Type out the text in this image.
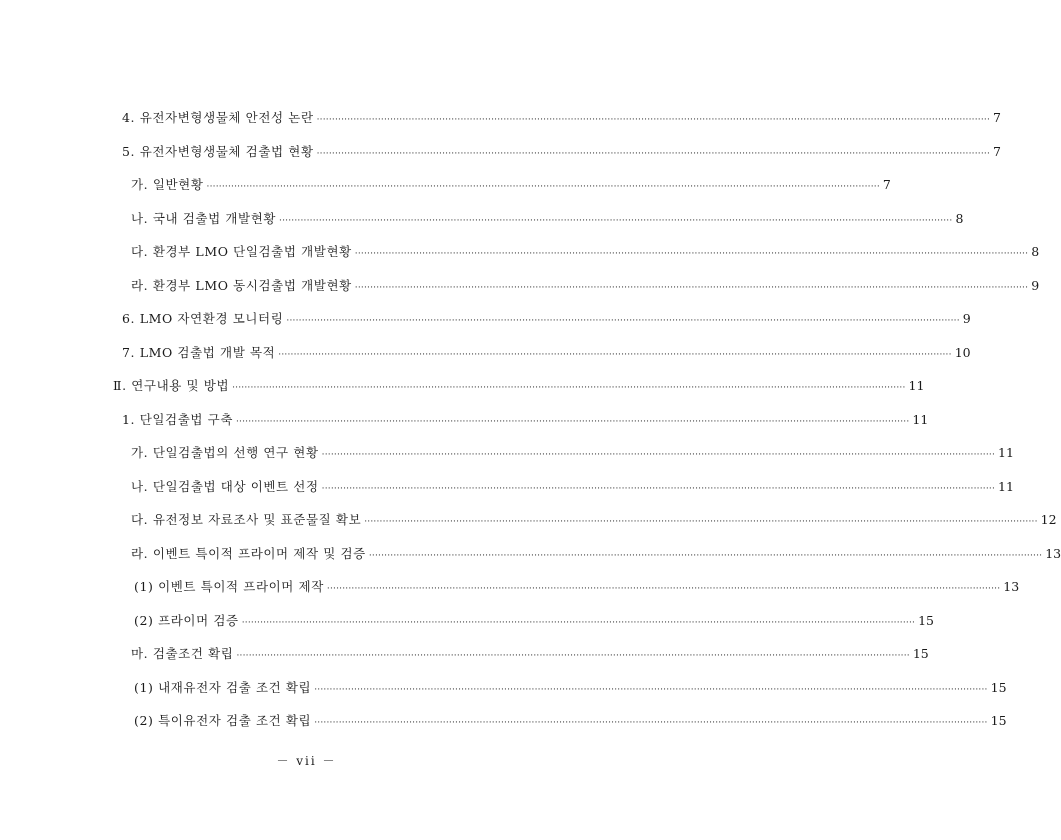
4. 유전자변형생물체 안전성 논란 ···························································································································································································································· 7
5. 유전자변형생물체 검출법 현황 ···························································································································································································································· 7
가. 일반현황 ···························································································································································································································· 7
나. 국내 검출법 개발현황 ···························································································································································································································· 8
다. 환경부 LMO 단일검출법 개발현황 ···························································································································································································································· 8
라. 환경부 LMO 동시검출법 개발현황 ···························································································································································································································· 9
6. LMO 자연환경 모니터링 ···························································································································································································································· 9
7. LMO 검출법 개발 목적 ···························································································································································································································· 10
Ⅱ. 연구내용 및 방법 ···························································································································································································································· 11
1. 단일검출법 구축 ···························································································································································································································· 11
가. 단일검출법의 선행 연구 현황 ···························································································································································································································· 11
나. 단일검출법 대상 이벤트 선정 ···························································································································································································································· 11
다. 유전정보 자료조사 및 표준물질 확보 ···························································································································································································································· 12
라. 이벤트 특이적 프라이머 제작 및 검증 ···························································································································································································································· 13
(1) 이벤트 특이적 프라이머 제작 ···························································································································································································································· 13
(2) 프라이머 검증 ···························································································································································································································· 15
마. 검출조건 확립 ···························································································································································································································· 15
(1) 내재유전자 검출 조건 확립 ···························································································································································································································· 15
(2) 특이유전자 검출 조건 확립 ···························································································································································································································· 15
－ vii －
